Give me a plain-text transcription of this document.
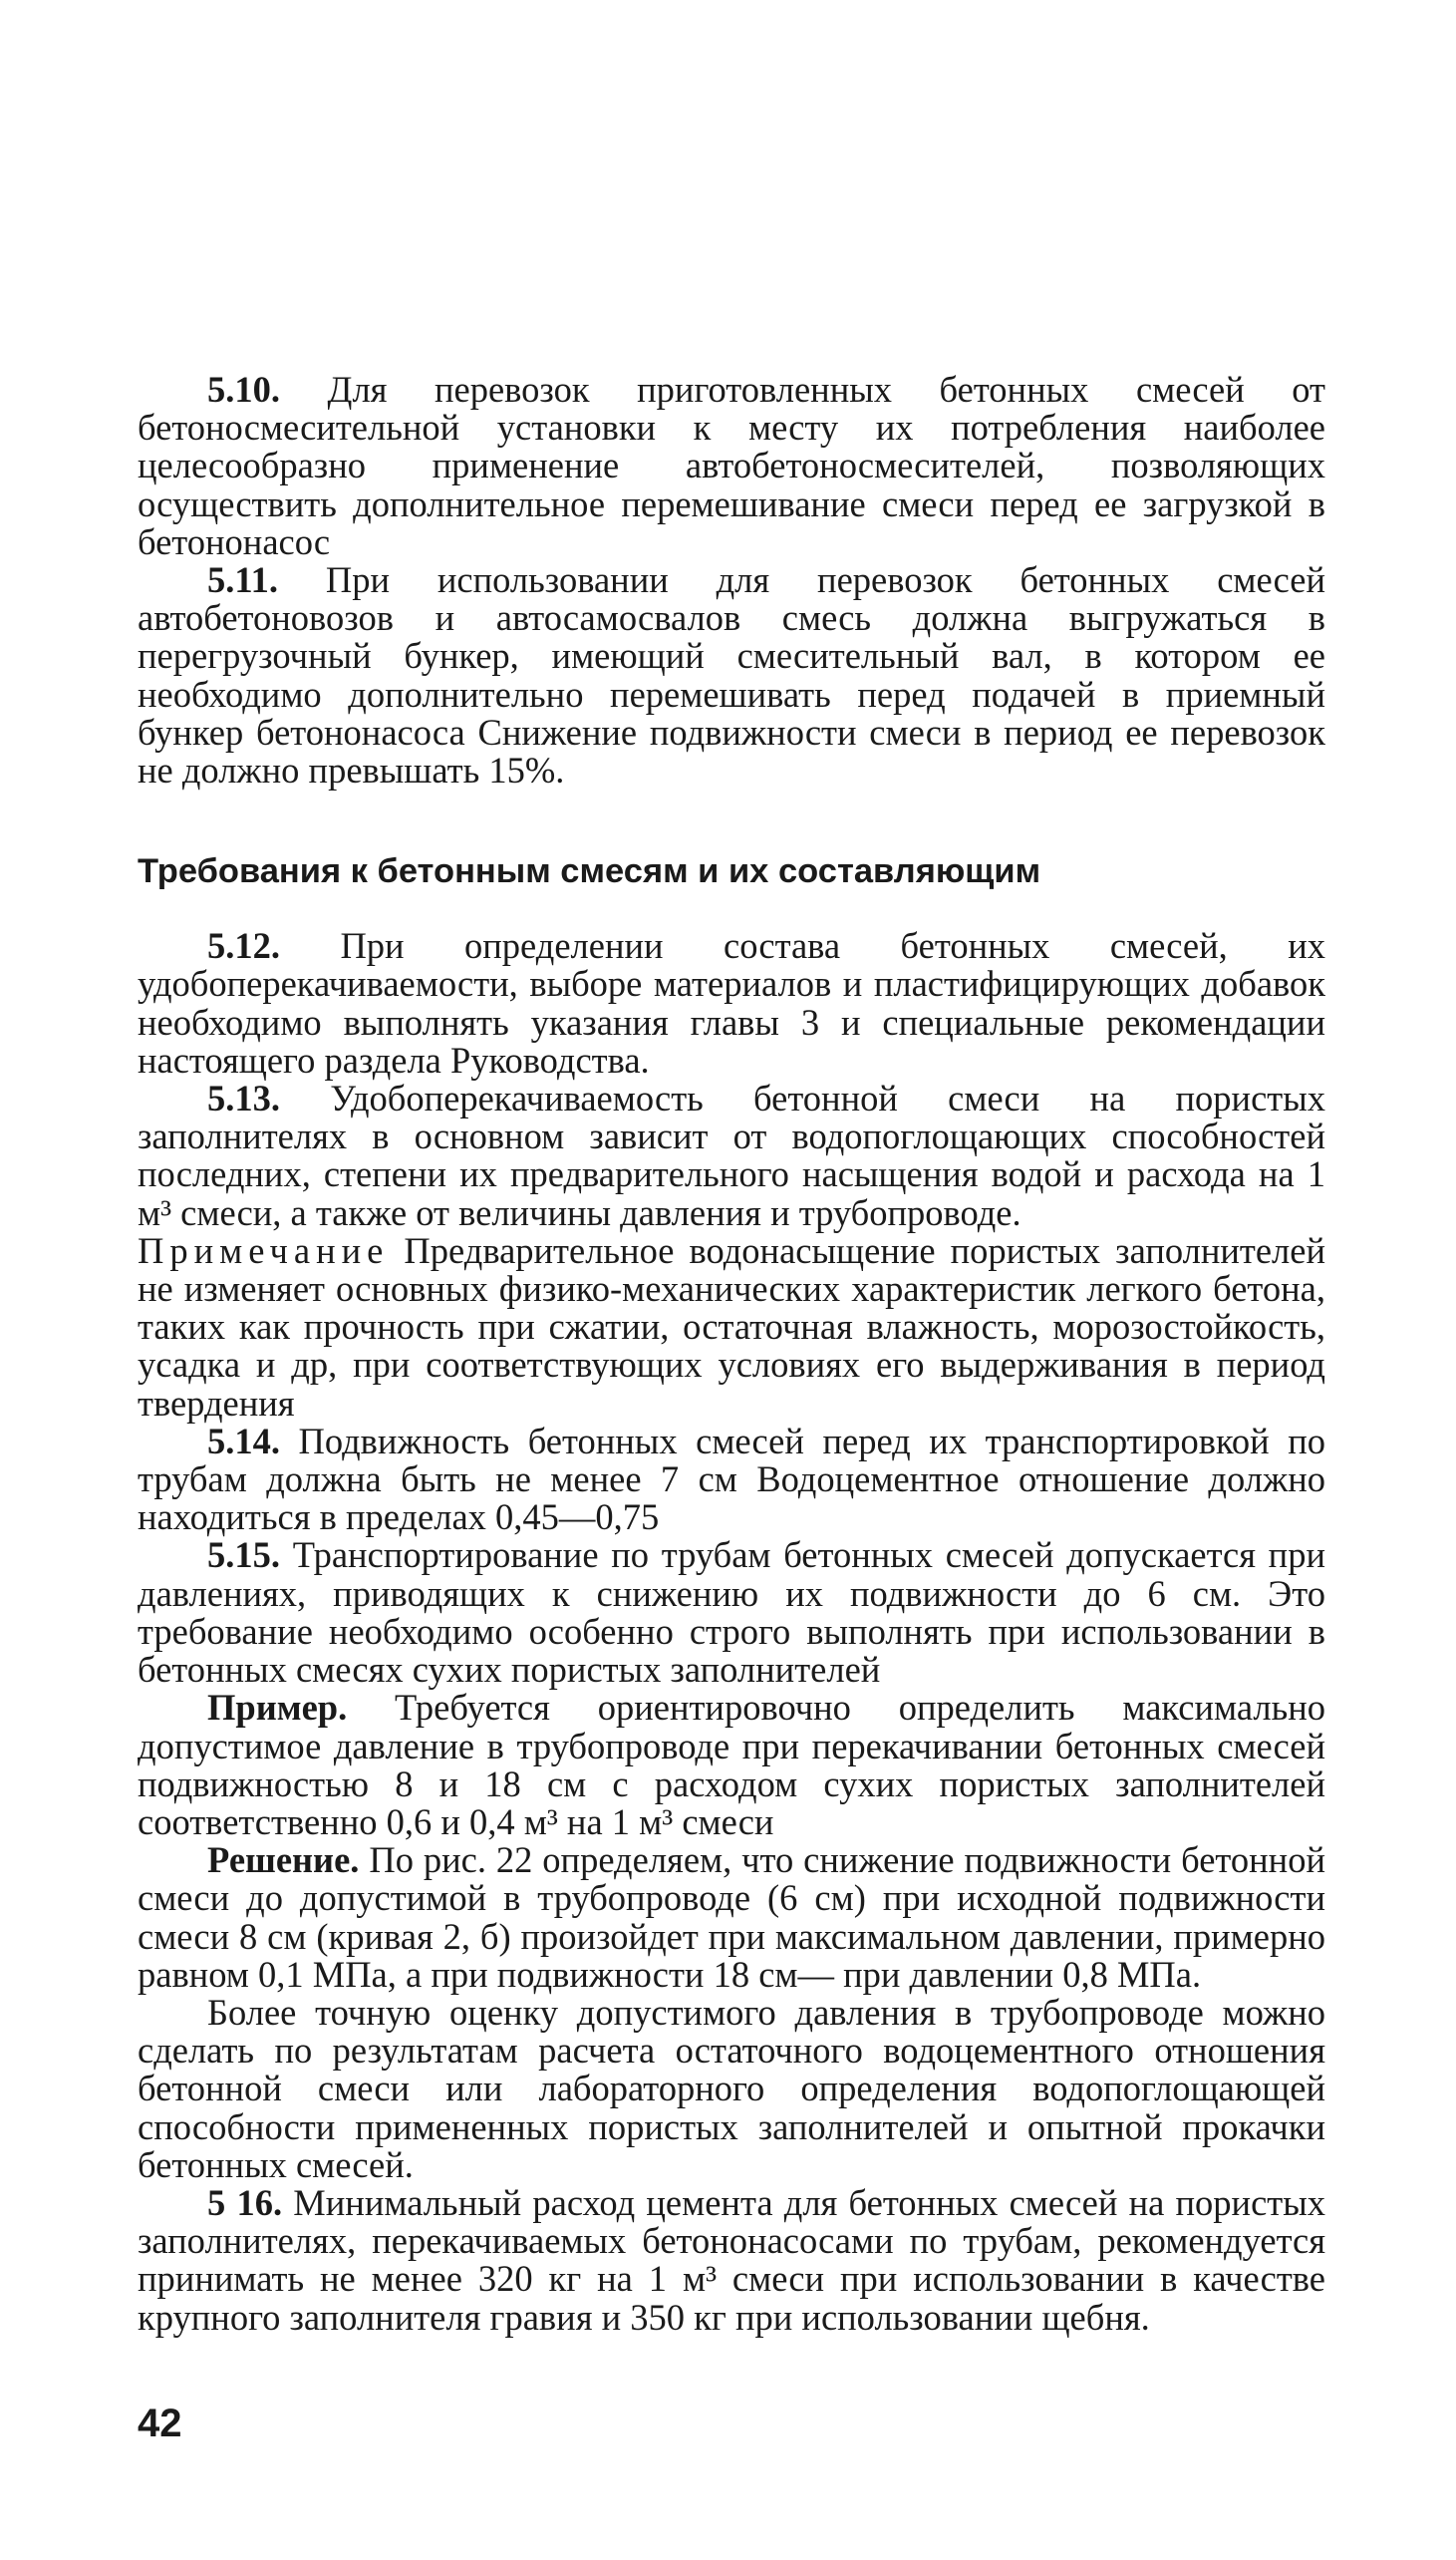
5.10. Для перевозок приготовленных бетонных смесей от бетоносмесительной установки к месту их потребления наиболее целесообразно применение автобетоносмесителей, позволяющих осуществить дополнительное перемешивание смеси перед ее загрузкой в бетононасос

5.11. При использовании для перевозок бетонных смесей автобетоновозов и автосамосвалов смесь должна выгружаться в перегрузочный бункер, имеющий смесительный вал, в котором ее необходимо дополнительно перемешивать перед подачей в приемный бункер бетононасоса Снижение подвижности смеси в период ее перевозок не должно превышать 15%.

Требования к бетонным смесям и их составляющим

5.12. При определении состава бетонных смесей, их удобоперекачиваемости, выборе материалов и пластифицирующих добавок необходимо выполнять указания главы 3 и специальные рекомендации настоящего раздела Руководства.

5.13. Удобоперекачиваемость бетонной смеси на пористых заполнителях в основном зависит от водопоглощающих способностей последних, степени их предварительного насыщения водой и расхода на 1 м³ смеси, а также от величины давления и трубопроводе.

Примечание Предварительное водонасыщение пористых заполнителей не изменяет основных физико-механических характеристик легкого бетона, таких как прочность при сжатии, остаточная влажность, морозостойкость, усадка и др, при соответствующих условиях его выдерживания в период твердения

5.14. Подвижность бетонных смесей перед их транспортировкой по трубам должна быть не менее 7 см Водоцементное отношение должно находиться в пределах 0,45—0,75

5.15. Транспортирование по трубам бетонных смесей допускается при давлениях, приводящих к снижению их подвижности до 6 см. Это требование необходимо особенно строго выполнять при использовании в бетонных смесях сухих пористых заполнителей

Пример. Требуется ориентировочно определить максимально допустимое давление в трубопроводе при перекачивании бетонных смесей подвижностью 8 и 18 см с расходом сухих пористых заполнителей соответственно 0,6 и 0,4 м³ на 1 м³ смеси

Решение. По рис. 22 определяем, что снижение подвижности бетонной смеси до допустимой в трубопроводе (6 см) при исходной подвижности смеси 8 см (кривая 2, б) произойдет при максимальном давлении, примерно равном 0,1 МПа, а при подвижности 18 см— при давлении 0,8 МПа.

Более точную оценку допустимого давления в трубопроводе можно сделать по результатам расчета остаточного водоцементного отношения бетонной смеси или лабораторного определения водопоглощающей способности примененных пористых заполнителей и опытной прокачки бетонных смесей.

5 16. Минимальный расход цемента для бетонных смесей на пористых заполнителях, перекачиваемых бетононасосами по трубам, рекомендуется принимать не менее 320 кг на 1 м³ смеси при использовании в качестве крупного заполнителя гравия и 350 кг при использовании щебня.

42
